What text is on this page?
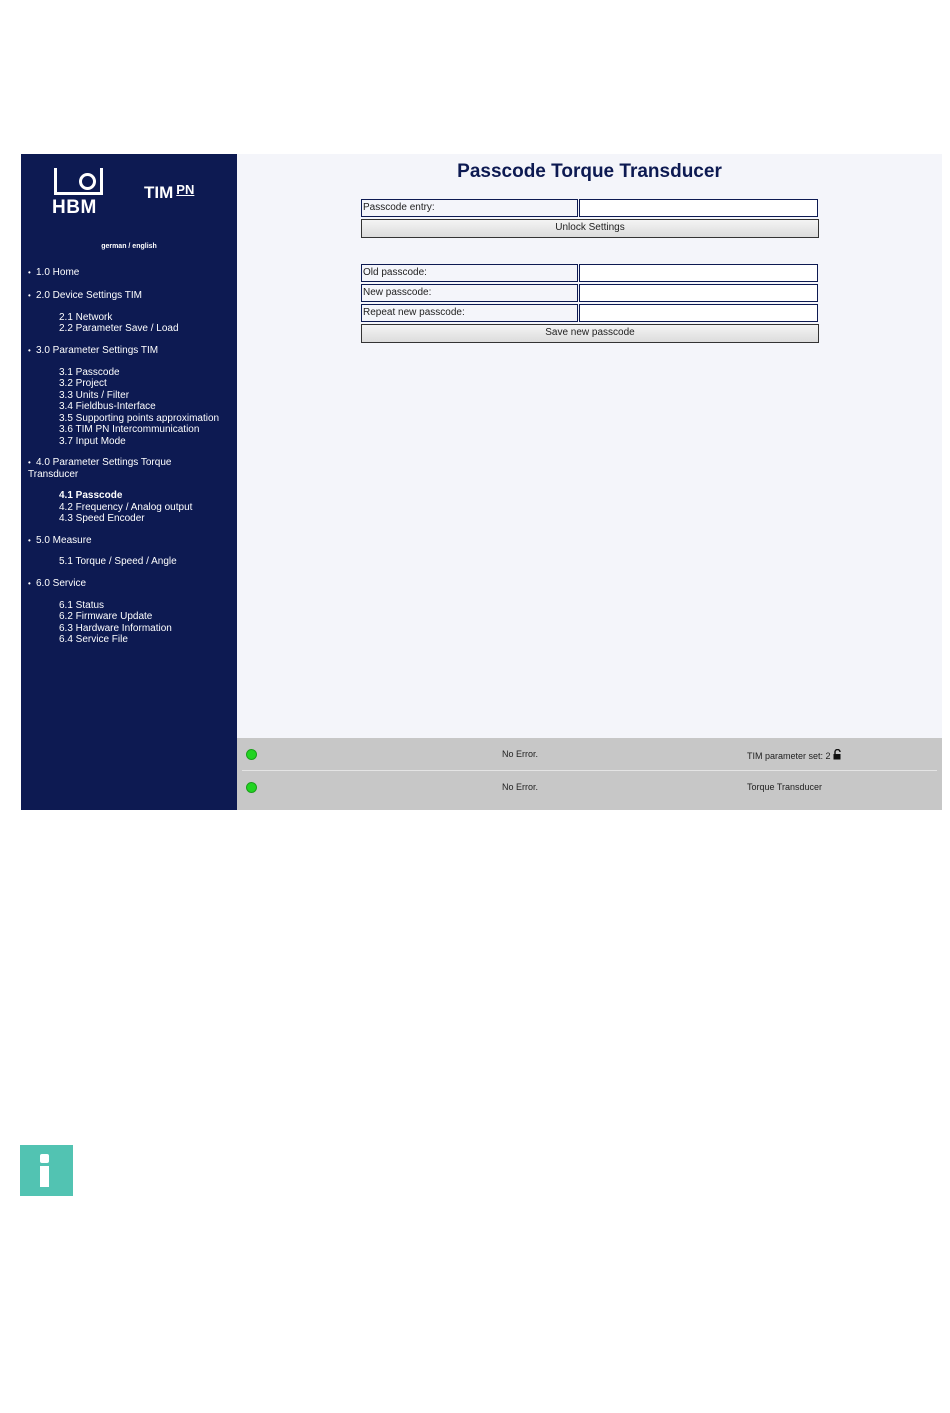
HBM
TIM $^{PN}$
german / english
• 1.0 Home
• 2.0 Device Settings TIM
2.1 Network
2.2 Parameter Save / Load
• 3.0 Parameter Settings TIM
3.1 Passcode
3.2 Project
3.3 Units / Filter
3.4 Fieldbus-Interface
3.5 Supporting points approximation
3.6 TIM PN Intercommunication
3.7 Input Mode
• 4.0 Parameter Settings Torque
Transducer
4.1 Passcode
4.2 Frequency / Analog output
4.3 Speed Encoder
• 5.0 Measure
5.1 Torque / Speed / Angle
• 6.0 Service
6.1 Status
6.2 Firmware Update
6.3 Hardware Information
6.4 Service File
Passcode Torque Transducer
Passcode entry:
Unlock Settings
Old passcode:
New passcode:
Repeat new passcode:
Save new passcode
No Error.	TIM parameter set: 2
No Error.	Torque Transducer
